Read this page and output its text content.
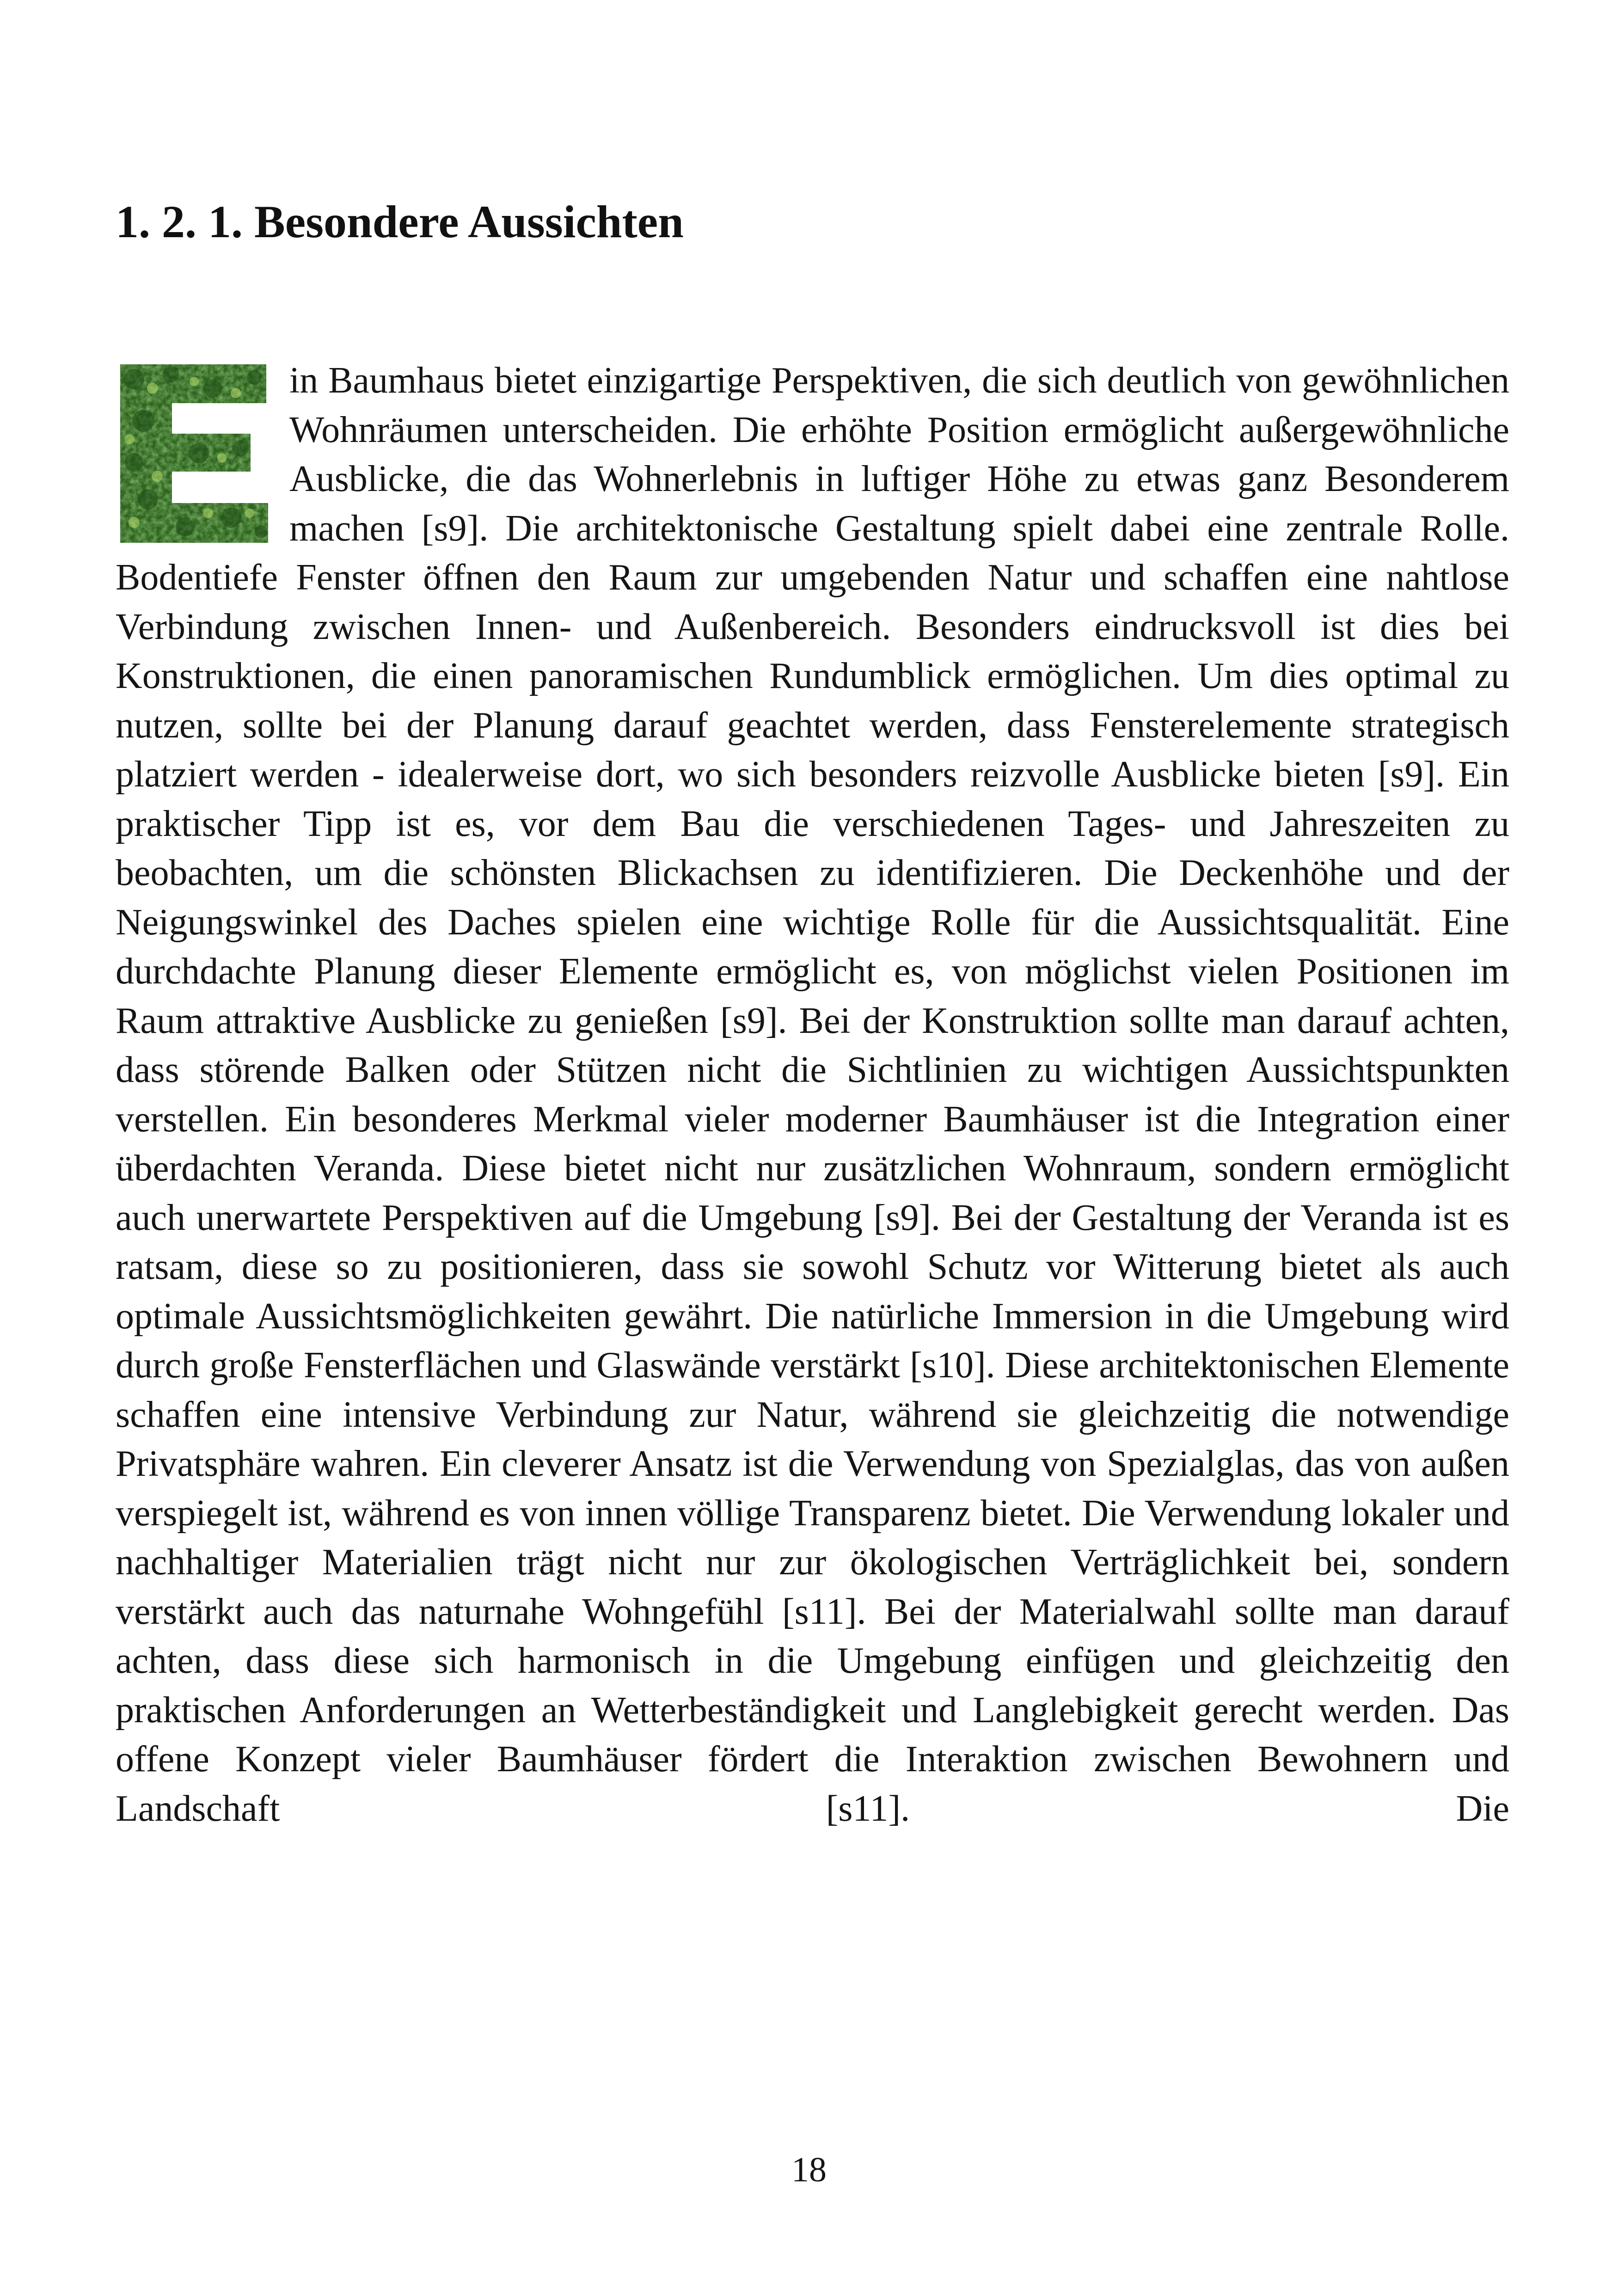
1. 2. 1. Besondere Aussichten

in Baumhaus bietet einzigartige Perspektiven, die sich deutlich von gewöhnlichen Wohnräumen unterscheiden. Die erhöhte Position ermöglicht außergewöhnliche Ausblicke, die das Wohnerlebnis in luftiger Höhe zu etwas ganz Besonderem machen [s9]. Die architektonische Gestaltung spielt dabei eine zentrale Rolle. Bodentiefe Fenster öffnen den Raum zur umgebenden Natur und schaffen eine nahtlose Verbindung zwischen Innen- und Außenbereich. Besonders eindrucksvoll ist dies bei Konstruktionen, die einen panoramischen Rundumblick ermöglichen. Um dies optimal zu nutzen, sollte bei der Planung darauf geachtet werden, dass Fensterelemente strategisch platziert werden - idealerweise dort, wo sich besonders reizvolle Ausblicke bieten [s9]. Ein praktischer Tipp ist es, vor dem Bau die verschiedenen Tages- und Jahreszeiten zu beobachten, um die schönsten Blickachsen zu identifizieren. Die Deckenhöhe und der Neigungswinkel des Daches spielen eine wichtige Rolle für die Aussichtsqualität. Eine durchdachte Planung dieser Elemente ermöglicht es, von möglichst vielen Positionen im Raum attraktive Ausblicke zu genießen [s9]. Bei der Konstruktion sollte man darauf achten, dass störende Balken oder Stützen nicht die Sichtlinien zu wichtigen Aussichtspunkten verstellen. Ein besonderes Merkmal vieler moderner Baumhäuser ist die Integration einer überdachten Veranda. Diese bietet nicht nur zusätzlichen Wohnraum, sondern ermöglicht auch unerwartete Perspektiven auf die Umgebung [s9]. Bei der Gestaltung der Veranda ist es ratsam, diese so zu positionieren, dass sie sowohl Schutz vor Witterung bietet als auch optimale Aussichtsmöglichkeiten gewährt. Die natürliche Immersion in die Umgebung wird durch große Fensterflächen und Glaswände verstärkt [s10]. Diese architektonischen Elemente schaffen eine intensive Verbindung zur Natur, während sie gleichzeitig die notwendige Privatsphäre wahren. Ein cleverer Ansatz ist die Verwendung von Spezialglas, das von außen verspiegelt ist, während es von innen völlige Transparenz bietet. Die Verwendung lokaler und nachhaltiger Materialien trägt nicht nur zur ökologischen Verträglichkeit bei, sondern verstärkt auch das naturnahe Wohngefühl [s11]. Bei der Materialwahl sollte man darauf achten, dass diese sich harmonisch in die Umgebung einfügen und gleichzeitig den praktischen Anforderungen an Wetterbeständigkeit und Langlebigkeit gerecht werden. Das offene Konzept vieler Baumhäuser fördert die Interaktion zwischen Bewohnern und Landschaft [s11]. Die

18
